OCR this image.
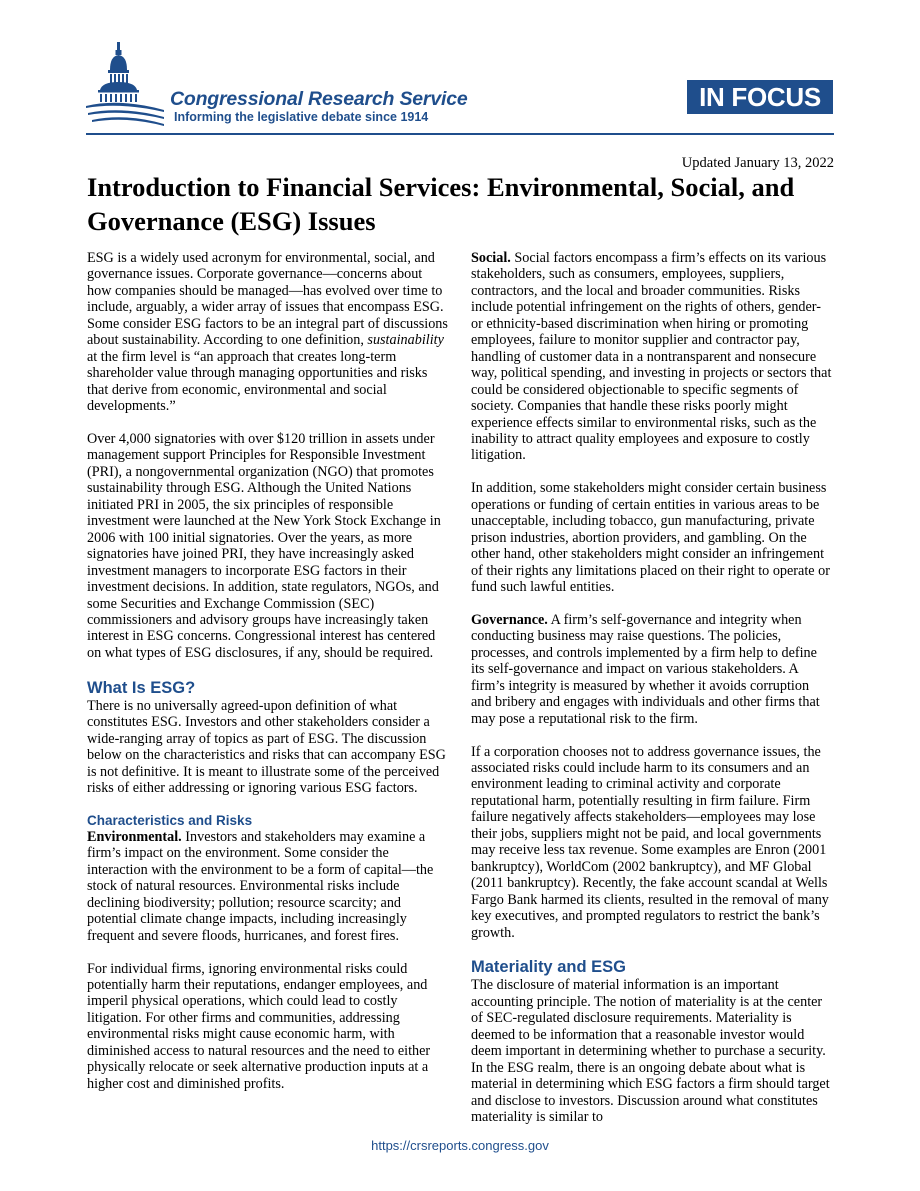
Congressional Research Service
Informing the legislative debate since 1914
IN FOCUS
Updated January 13, 2022
Introduction to Financial Services: Environmental, Social, and Governance (ESG) Issues

ESG is a widely used acronym for environmental, social, and governance issues. Corporate governance—concerns about how companies should be managed—has evolved over time to include, arguably, a wider array of issues that encompass ESG. Some consider ESG factors to be an integral part of discussions about sustainability. According to one definition, sustainability at the firm level is “an approach that creates long-term shareholder value through managing opportunities and risks that derive from economic, environmental and social developments.”

Over 4,000 signatories with over $120 trillion in assets under management support Principles for Responsible Investment (PRI), a nongovernmental organization (NGO) that promotes sustainability through ESG. Although the United Nations initiated PRI in 2005, the six principles of responsible investment were launched at the New York Stock Exchange in 2006 with 100 initial signatories. Over the years, as more signatories have joined PRI, they have increasingly asked investment managers to incorporate ESG factors in their investment decisions. In addition, state regulators, NGOs, and some Securities and Exchange Commission (SEC) commissioners and advisory groups have increasingly taken interest in ESG concerns. Congressional interest has centered on what types of ESG disclosures, if any, should be required.

What Is ESG?

There is no universally agreed-upon definition of what constitutes ESG. Investors and other stakeholders consider a wide-ranging array of topics as part of ESG. The discussion below on the characteristics and risks that can accompany ESG is not definitive. It is meant to illustrate some of the perceived risks of either addressing or ignoring various ESG factors.

Characteristics and Risks

Environmental. Investors and stakeholders may examine a firm’s impact on the environment. Some consider the interaction with the environment to be a form of capital—the stock of natural resources. Environmental risks include declining biodiversity; pollution; resource scarcity; and potential climate change impacts, including increasingly frequent and severe floods, hurricanes, and forest fires.

For individual firms, ignoring environmental risks could potentially harm their reputations, endanger employees, and imperil physical operations, which could lead to costly litigation. For other firms and communities, addressing environmental risks might cause economic harm, with diminished access to natural resources and the need to either physically relocate or seek alternative production inputs at a higher cost and diminished profits.

Social. Social factors encompass a firm’s effects on its various stakeholders, such as consumers, employees, suppliers, contractors, and the local and broader communities. Risks include potential infringement on the rights of others, gender- or ethnicity-based discrimination when hiring or promoting employees, failure to monitor supplier and contractor pay, handling of customer data in a nontransparent and nonsecure way, political spending, and investing in projects or sectors that could be considered objectionable to specific segments of society. Companies that handle these risks poorly might experience effects similar to environmental risks, such as the inability to attract quality employees and exposure to costly litigation.

In addition, some stakeholders might consider certain business operations or funding of certain entities in various areas to be unacceptable, including tobacco, gun manufacturing, private prison industries, abortion providers, and gambling. On the other hand, other stakeholders might consider an infringement of their rights any limitations placed on their right to operate or fund such lawful entities.

Governance. A firm’s self-governance and integrity when conducting business may raise questions. The policies, processes, and controls implemented by a firm help to define its self-governance and impact on various stakeholders. A firm’s integrity is measured by whether it avoids corruption and bribery and engages with individuals and other firms that may pose a reputational risk to the firm.

If a corporation chooses not to address governance issues, the associated risks could include harm to its consumers and an environment leading to criminal activity and corporate reputational harm, potentially resulting in firm failure. Firm failure negatively affects stakeholders—employees may lose their jobs, suppliers might not be paid, and local governments may receive less tax revenue. Some examples are Enron (2001 bankruptcy), WorldCom (2002 bankruptcy), and MF Global (2011 bankruptcy). Recently, the fake account scandal at Wells Fargo Bank harmed its clients, resulted in the removal of many key executives, and prompted regulators to restrict the bank’s growth.

Materiality and ESG

The disclosure of material information is an important accounting principle. The notion of materiality is at the center of SEC-regulated disclosure requirements. Materiality is deemed to be information that a reasonable investor would deem important in determining whether to purchase a security. In the ESG realm, there is an ongoing debate about what is material in determining which ESG factors a firm should target and disclose to investors. Discussion around what constitutes materiality is similar to

https://crsreports.congress.gov
